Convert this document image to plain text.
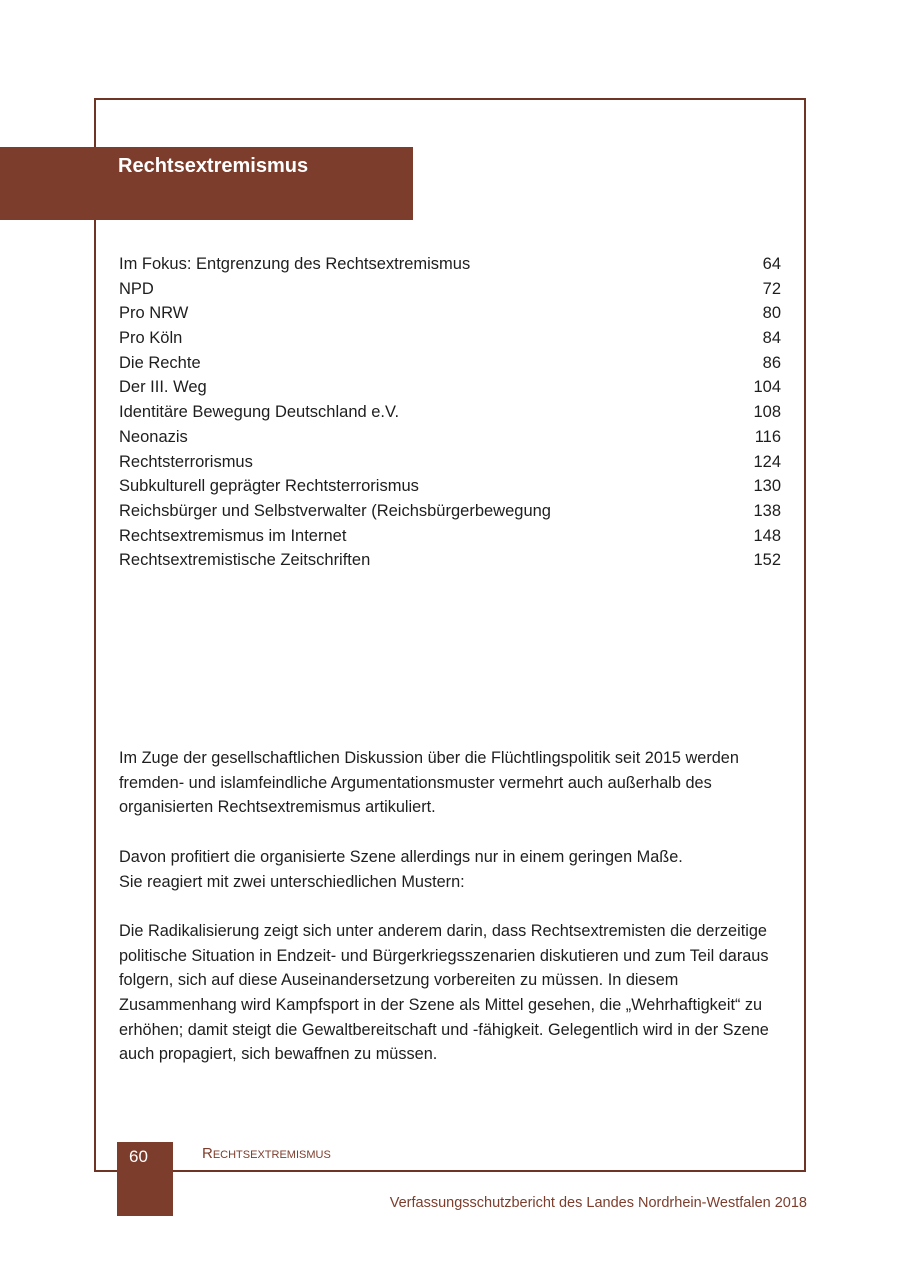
Rechtsextremismus
Im Fokus: Entgrenzung des Rechtsextremismus	64
NPD	72
Pro NRW	80
Pro Köln	84
Die Rechte	86
Der III. Weg	104
Identitäre Bewegung Deutschland e.V.	108
Neonazis	116
Rechtsterrorismus	124
Subkulturell geprägter Rechtsterrorismus	130
Reichsbürger und Selbstverwalter (Reichsbürgerbewegung	138
Rechtsextremismus im Internet	148
Rechtsextremistische Zeitschriften	152

Im Zuge der gesellschaftlichen Diskussion über die Flüchtlingspolitik seit 2015 werden fremden- und islamfeindliche Argumentationsmuster vermehrt auch außerhalb des organisierten Rechtsextremismus artikuliert.

Davon profitiert die organisierte Szene allerdings nur in einem geringen Maße.

Sie reagiert mit zwei unterschiedlichen Mustern:

Die Radikalisierung zeigt sich unter anderem darin, dass Rechtsextremisten die derzeitige politische Situation in Endzeit- und Bürgerkriegsszenarien diskutieren und zum Teil daraus folgern, sich auf diese Auseinandersetzung vorbereiten zu müssen. In diesem Zusammenhang wird Kampfsport in der Szene als Mittel gesehen, die „Wehrhaftigkeit“ zu erhöhen; damit steigt die Gewaltbereitschaft und -fähigkeit. Gelegentlich wird in der Szene auch propagiert, sich bewaffnen zu müssen.

60	Rechtsextremismus
Verfassungsschutzbericht des Landes Nordrhein-Westfalen 2018
